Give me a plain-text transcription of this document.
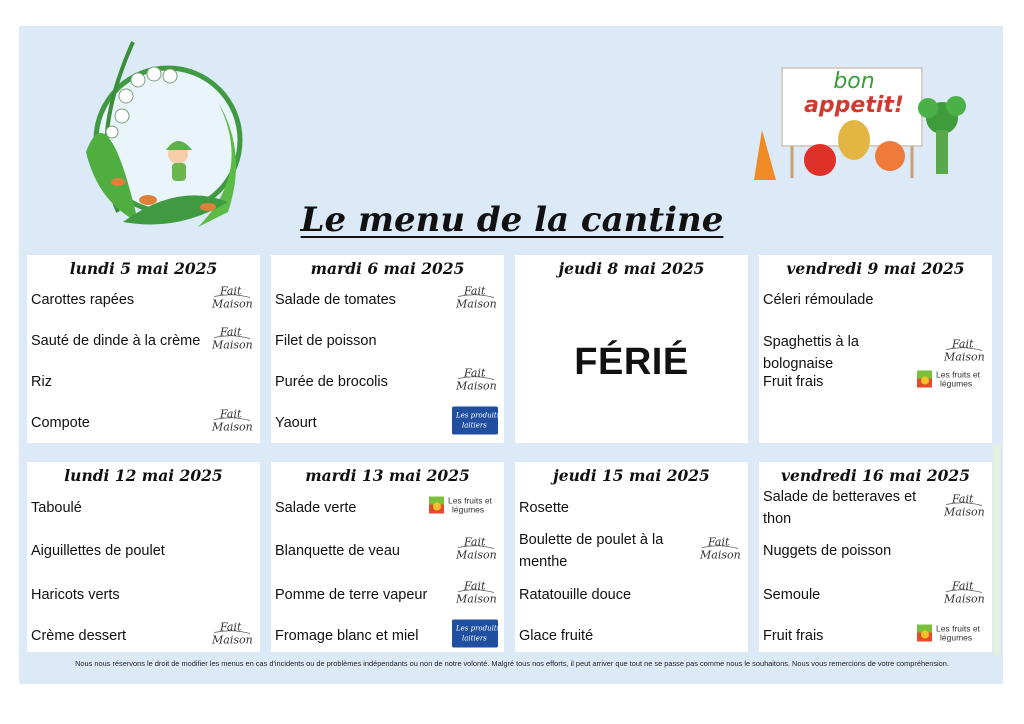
bon
appetit!
Le menu de la cantine
lundi 5 mai 2025
Carottes rapées
Fait
Maison
Sauté de dinde à la crème
Fait
Maison
Riz
Compote
Fait
Maison
mardi 6 mai 2025
Salade de tomates
Fait
Maison
Filet de poisson
Purée de brocolis
Fait
Maison
Yaourt	Les produits
laitiers
jeudi 8 mai 2025
FÉRIÉ
vendredi 9 mai 2025
Céleri rémoulade
Spaghettis à la bolognaise
Fait
Maison
Fruit frais	Les fruits et
légumes
lundi 12 mai 2025
Taboulé
Aiguillettes de poulet
Haricots verts
Crème dessert
Fait
Maison
mardi 13 mai 2025
Salade verte	Les fruits et
légumes
Blanquette de veau
Fait
Maison
Pomme de terre vapeur
Fait
Maison
Fromage blanc et miel	Les produits
laitiers
jeudi 15 mai 2025
Rosette
Boulette de poulet à la menthe
Fait
Maison
Ratatouille douce
Glace fruité
vendredi 16 mai 2025
Salade de betteraves et thon
Fait
Maison
Nuggets de poisson
Semoule
Fait
Maison
Fruit frais	Les fruits et
légumes
Nous nous réservons le droit de modifier les menus en cas d'incidents ou de problèmes indépendants ou non de notre volonté. Malgré tous nos efforts, il peut arriver que tout ne se passe pas comme nous le souhaitons. Nous vous remercions de votre compréhension.
